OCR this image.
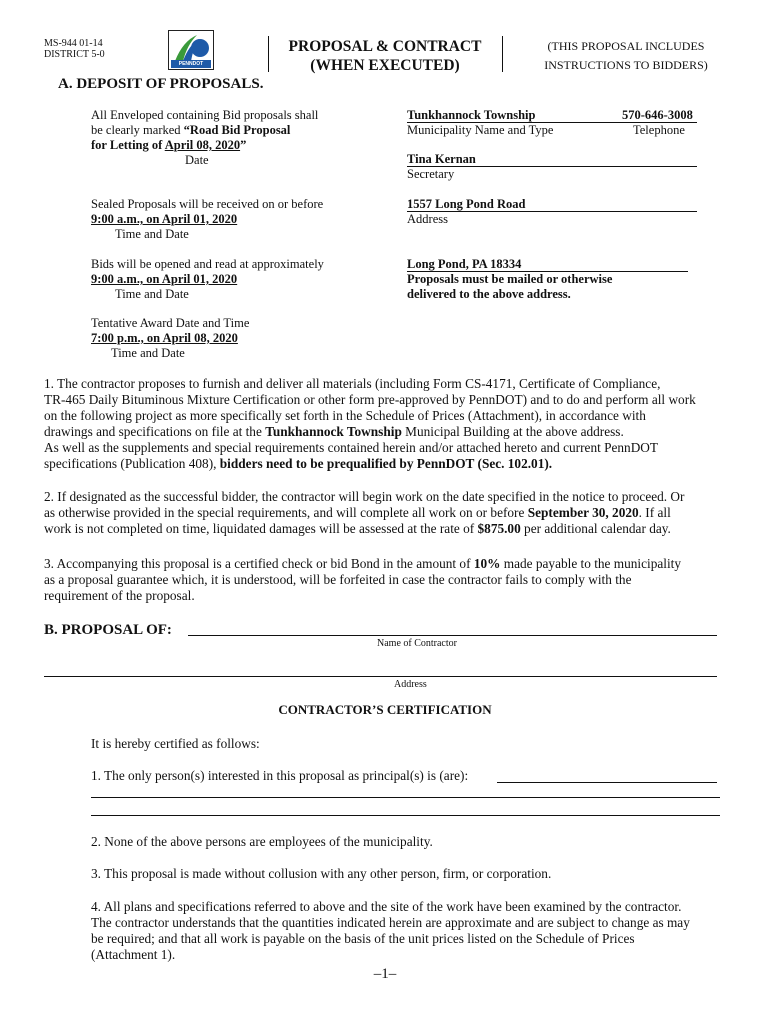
MS-944 01-14
DISTRICT 5-0
PENNDOT
PROPOSAL & CONTRACT
(WHEN EXECUTED)
(THIS PROPOSAL INCLUDES
INSTRUCTIONS TO BIDDERS)
A. DEPOSIT OF PROPOSALS.
All Enveloped containing Bid proposals shall
be clearly marked “Road Bid Proposal
for Letting of April 08, 2020”
Date
Sealed Proposals will be received on or before
9:00 a.m., on April 01, 2020
Time and Date
Bids will be opened and read at approximately
9:00 a.m., on April 01, 2020
Time and Date
Tentative Award Date and Time
7:00 p.m., on April 08, 2020
Time and Date
Tunkhannock Township	570-646-3008
Municipality Name and Type	Telephone
Tina Kernan
Secretary
1557 Long Pond Road
Address
Long Pond, PA 18334
Proposals must be mailed or otherwise
delivered to the above address.
1. The contractor proposes to furnish and deliver all materials (including Form CS-4171, Certificate of Compliance,
TR-465 Daily Bituminous Mixture Certification or other form pre-approved by PennDOT) and to do and perform all work
on the following project as more specifically set forth in the Schedule of Prices (Attachment), in accordance with
drawings and specifications on file at the Tunkhannock Township Municipal Building at the above address.
As well as the supplements and special requirements contained herein and/or attached hereto and current PennDOT
specifications (Publication 408), bidders need to be prequalified by PennDOT (Sec. 102.01).
2. If designated as the successful bidder, the contractor will begin work on the date specified in the notice to proceed. Or
as otherwise provided in the special requirements, and will complete all work on or before September 30, 2020. If all
work is not completed on time, liquidated damages will be assessed at the rate of $875.00 per additional calendar day.
3. Accompanying this proposal is a certified check or bid Bond in the amount of 10% made payable to the municipality
as a proposal guarantee which, it is understood, will be forfeited in case the contractor fails to comply with the
requirement of the proposal.
B. PROPOSAL OF:
Name of Contractor
Address
CONTRACTOR’S CERTIFICATION
It is hereby certified as follows:
1. The only person(s) interested in this proposal as principal(s) is (are):
2. None of the above persons are employees of the municipality.
3. This proposal is made without collusion with any other person, firm, or corporation.
4. All plans and specifications referred to above and the site of the work have been examined by the contractor.
The contractor understands that the quantities indicated herein are approximate and are subject to change as may
be required; and that all work is payable on the basis of the unit prices listed on the Schedule of Prices
(Attachment 1).
–1–
